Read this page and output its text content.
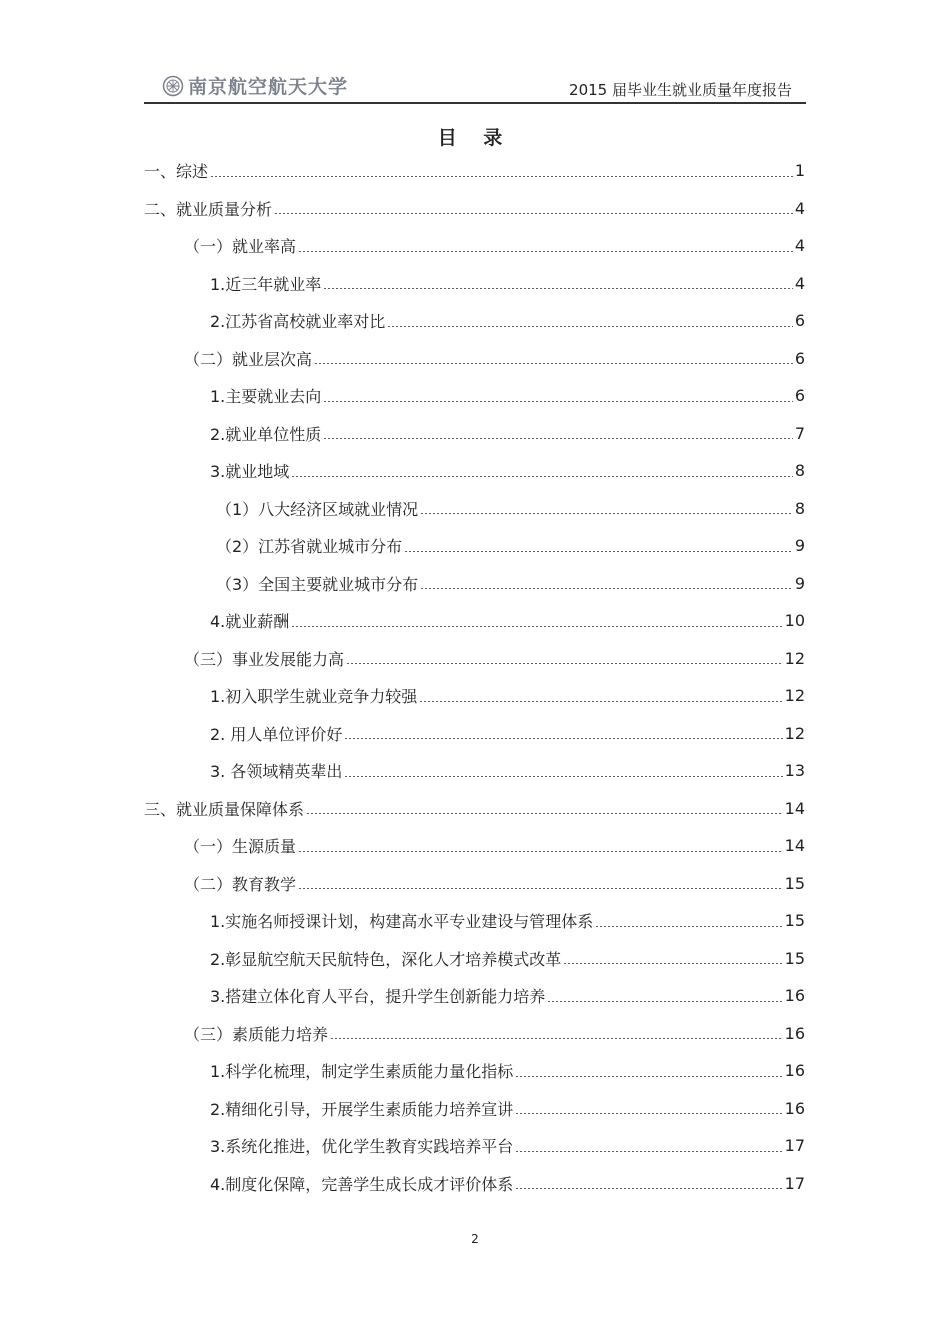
南京航空航天大学	2015 届毕业生就业质量年度报告
目 录
一、综述	1
二、就业质量分析	4
（一）就业率高	4
1.近三年就业率	4
2.江苏省高校就业率对比	6
（二）就业层次高	6
1.主要就业去向	6
2.就业单位性质	7
3.就业地域	8
（1）八大经济区域就业情况	8
（2）江苏省就业城市分布	9
（3）全国主要就业城市分布	9
4.就业薪酬	10
（三）事业发展能力高	12
1.初入职学生就业竞争力较强	12
2. 用人单位评价好	12
3. 各领域精英辈出	13
三、就业质量保障体系	14
（一）生源质量	14
（二）教育教学	15
1.实施名师授课计划，构建高水平专业建设与管理体系	15
2.彰显航空航天民航特色，深化人才培养模式改革	15
3.搭建立体化育人平台，提升学生创新能力培养	16
（三）素质能力培养	16
1.科学化梳理，制定学生素质能力量化指标	16
2.精细化引导，开展学生素质能力培养宣讲	16
3.系统化推进，优化学生教育实践培养平台	17
4.制度化保障，完善学生成长成才评价体系	17
2
